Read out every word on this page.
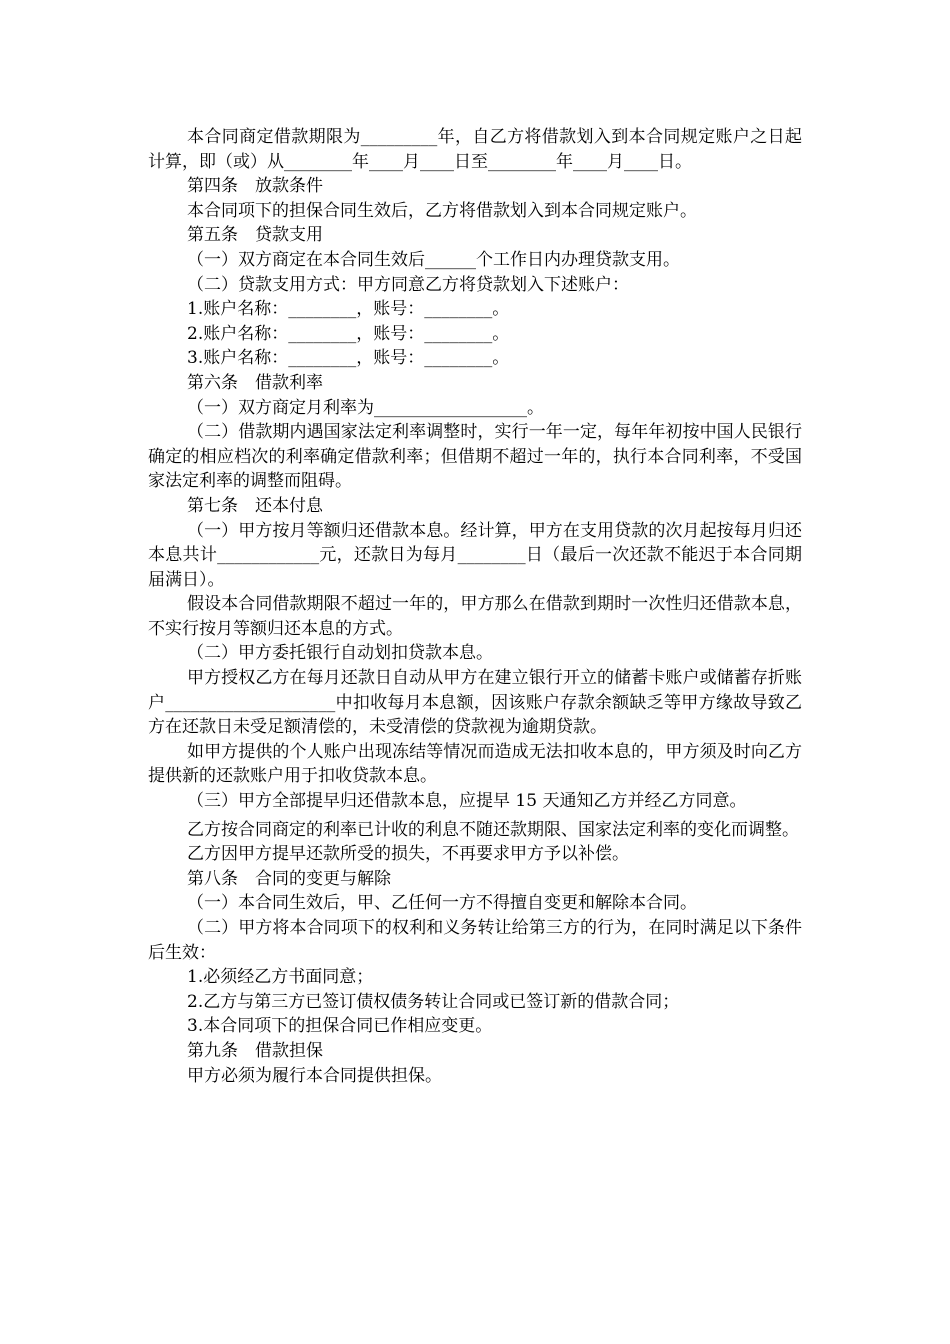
本合同商定借款期限为_________年，自乙方将借款划入到本合同规定账户之日起计算，即（或）从________年____月____日至________年____月____日。

第四条　放款条件

本合同项下的担保合同生效后，乙方将借款划入到本合同规定账户。

第五条　贷款支用

（一）双方商定在本合同生效后______个工作日内办理贷款支用。

（二）贷款支用方式：甲方同意乙方将贷款划入下述账户：

1.账户名称：________，账号：________。

2.账户名称：________，账号：________。

3.账户名称：________，账号：________。

第六条　借款利率

（一）双方商定月利率为__________________。

（二）借款期内遇国家法定利率调整时，实行一年一定，每年年初按中国人民银行确定的相应档次的利率确定借款利率；但借期不超过一年的，执行本合同利率，不受国家法定利率的调整而阻碍。

第七条　还本付息

（一）甲方按月等额归还借款本息。经计算，甲方在支用贷款的次月起按每月归还本息共计____________元，还款日为每月________日（最后一次还款不能迟于本合同期届满日）。

假设本合同借款期限不超过一年的，甲方那么在借款到期时一次性归还借款本息，不实行按月等额归还本息的方式。

（二）甲方委托银行自动划扣贷款本息。

甲方授权乙方在每月还款日自动从甲方在建立银行开立的储蓄卡账户或储蓄存折账户____________________中扣收每月本息额，因该账户存款余额缺乏等甲方缘故导致乙方在还款日未受足额清偿的，未受清偿的贷款视为逾期贷款。

如甲方提供的个人账户出现冻结等情况而造成无法扣收本息的，甲方须及时向乙方提供新的还款账户用于扣收贷款本息。

（三）甲方全部提早归还借款本息，应提早 15 天通知乙方并经乙方同意。

乙方按合同商定的利率已计收的利息不随还款期限、国家法定利率的变化而调整。

乙方因甲方提早还款所受的损失，不再要求甲方予以补偿。

第八条　合同的变更与解除

（一）本合同生效后，甲、乙任何一方不得擅自变更和解除本合同。

（二）甲方将本合同项下的权利和义务转让给第三方的行为，在同时满足以下条件后生效：

1.必须经乙方书面同意；

2.乙方与第三方已签订债权债务转让合同或已签订新的借款合同；

3.本合同项下的担保合同已作相应变更。

第九条　借款担保

甲方必须为履行本合同提供担保。
